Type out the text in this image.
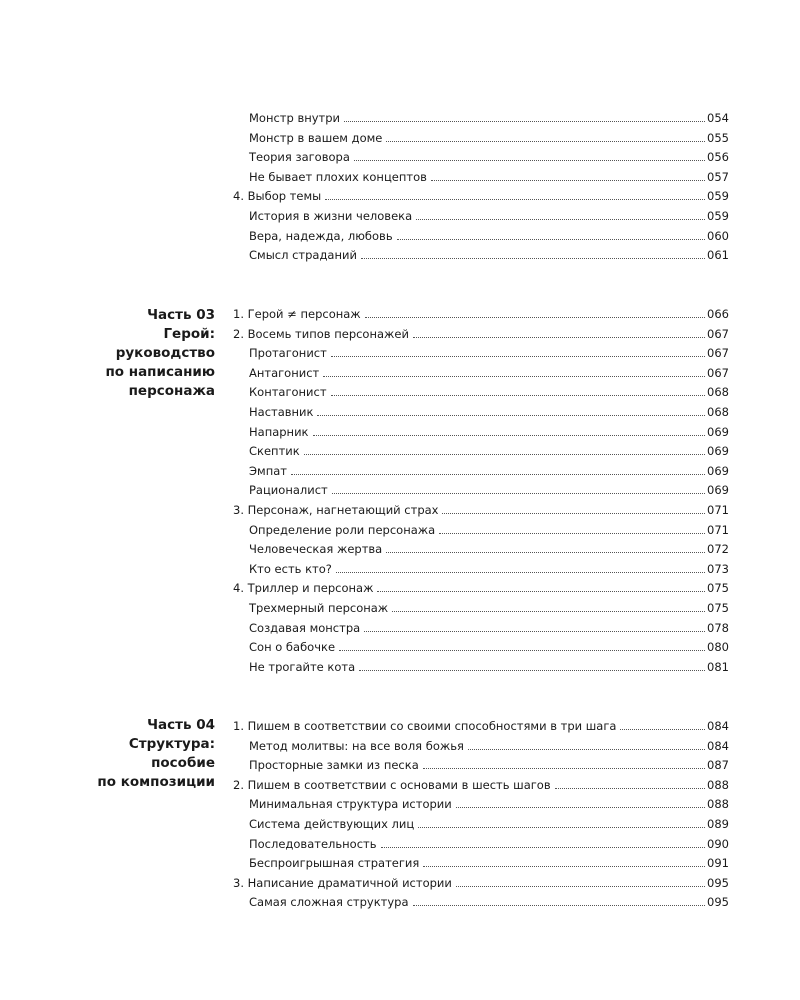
Монстр внутри	054
Монстр в вашем доме	055
Теория заговора	056
Не бывает плохих концептов	057
4. Выбор темы	059
История в жизни человека	059
Вера, надежда, любовь	060
Смысл страданий	061
Часть 03
Герой:
руководство
по написанию
персонажа
1. Герой ≠ персонаж	066
2. Восемь типов персонажей	067
Протагонист	067
Антагонист	067
Контагонист	068
Наставник	068
Напарник	069
Скептик	069
Эмпат	069
Рационалист	069
3. Персонаж, нагнетающий страх	071
Определение роли персонажа	071
Человеческая жертва	072
Кто есть кто?	073
4. Триллер и персонаж	075
Трехмерный персонаж	075
Создавая монстра	078
Сон о бабочке	080
Не трогайте кота	081
Часть 04
Структура:
пособие
по композиции
1. Пишем в соответствии со своими способностями в три шага	084
Метод молитвы: на все воля божья	084
Просторные замки из песка	087
2. Пишем в соответствии с основами в шесть шагов	088
Минимальная структура истории	088
Система действующих лиц	089
Последовательность	090
Беспроигрышная стратегия	091
3. Написание драматичной истории	095
Самая сложная структура	095
